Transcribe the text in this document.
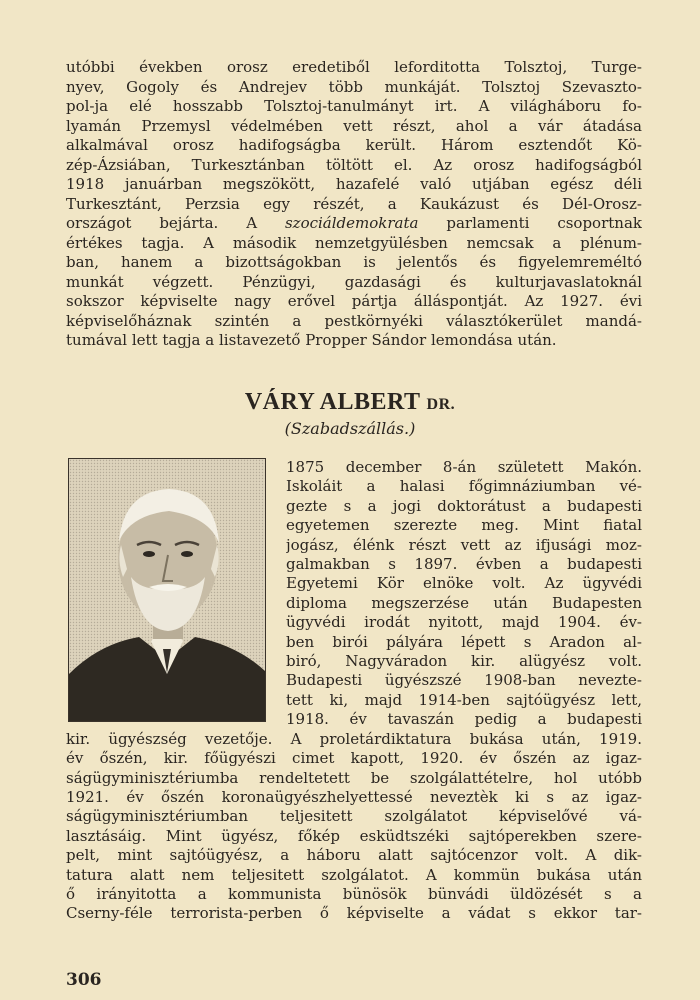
utóbbi években orosz eredetiből leforditotta Tolsztoj, Turge-
nyev, Gogoly és Andrejev több munkáját. Tolsztoj Szevaszto-
pol-ja elé hosszabb Tolsztoj-tanulmányt irt. A világháboru fo-
lyamán Przemysl védelmében vett részt, ahol a vár átadása
alkalmával orosz hadifogságba került. Három esztendőt Kö-
zép-Ázsiában, Turkesztánban töltött el. Az orosz hadifogságból
1918 januárban megszökött, hazafelé való utjában egész déli
Turkesztánt, Perzsia egy részét, a Kaukázust és Dél-Orosz-
országot bejárta. A szociáldemokrata parlamenti csoportnak
értékes tagja. A második nemzetgyülésben nemcsak a plénum-
ban, hanem a bizottságokban is jelentős és figyelemreméltó
munkát végzett. Pénzügyi, gazdasági és kulturjavaslatoknál
sokszor képviselte nagy erővel pártja álláspontját. Az 1927. évi
képviselőháznak szintén a pestkörnyéki választókerület mandá-
tumával lett tagja a listavezető Propper Sándor lemondása után.
VÁRY ALBERT DR.
(Szabadszállás.)
1875 december 8-án született Makón.
Iskoláit a halasi főgimnáziumban vé-
gezte s a jogi doktorátust a budapesti
egyetemen szerezte meg. Mint fiatal
jogász, élénk részt vett az ifjusági moz-
galmakban s 1897. évben a budapesti
Egyetemi Kör elnöke volt. Az ügyvédi
diploma megszerzése után Budapesten
ügyvédi irodát nyitott, majd 1904. év-
ben birói pályára lépett s Aradon al-
biró, Nagyváradon kir. alügyész volt.
Budapesti ügyészszé 1908-ban nevezte-
tett ki, majd 1914-ben sajtóügyész lett,
1918. év tavaszán pedig a budapesti
kir. ügyészség vezetője. A proletárdiktatura bukása után, 1919.
év őszén, kir. főügyészi cimet kapott, 1920. év őszén az igaz-
ságügyminisztériumba rendeltetett be szolgálattételre, hol utóbb
1921. év őszén koronaügyészhelyettessé neveztèk ki s az igaz-
ságügyminisztériumban teljesitett szolgálatot képviselővé vá-
lasztásáig. Mint ügyész, főkép esküdtszéki sajtóperekben szere-
pelt, mint sajtóügyész, a háboru alatt sajtócenzor volt. A dik-
tatura alatt nem teljesitett szolgálatot. A kommün bukása után
ő irányitotta a kommunista bünösök bünvádi üldözését s a
Cserny-féle terrorista-perben ő képviselte a vádat s ekkor tar-
306
